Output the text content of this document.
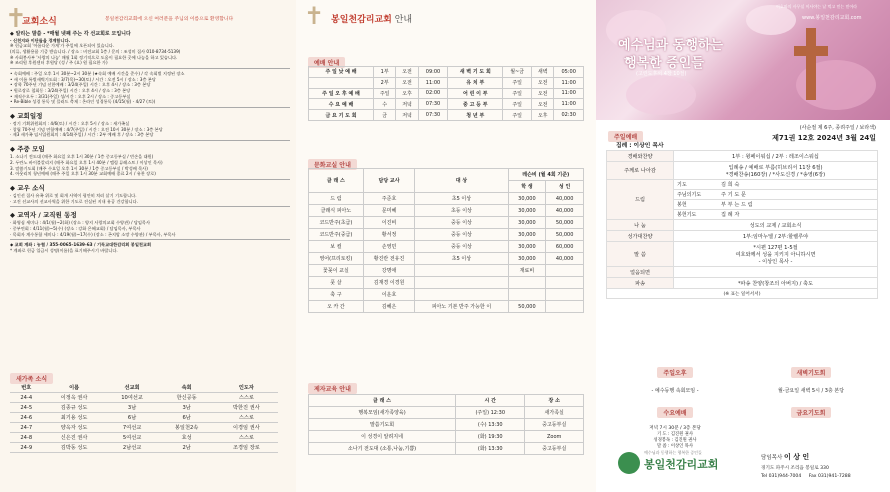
✝
교회소식	봉일천감리교회에 오신 여러분을 주님의 이름으로 환영합니다
◆ 알리는 말씀 - *매월 넷째 주는 각 선교회로 모입니다
· 신천지와 이단들을 경계합니다.
※ 헌금교회 '아름다운 가게'가 주일에 오픈되어 있습니다.
(의류, 생활용품 기증 받습니다. / 장소 : 비전교회 1층 / 문의 : 조성미 집사 010-8734-5139)
※ 사회봉사부 '사랑의 나눔' 매월 1회 정기적으로 도움이 필요한 곳에 나눔을 하고 있습니다.
※ 조리원 후원센터 후원당 (성 / 주 (요) 원 필요한 가)
• 속회예배 : 주일 오후 1시 30분~2시 30분 (★속회 예배 시간을 준수) / 각 속회별 지정된 장소
• 새 이름 특별새벽기도회 : 3/7(목)~30(토) / 시간 : 오전 5시 / 장소 : 3층 본당
• 장학 70주년 기념 선한예배 : 3/24(주일) 시간 : 오후 4시 / 장소 : 3층 본당
• 원로장로 철회동 : 3/24(주일) 시간 : 오후 4시 / 장소 : 3층 본당
• 재직수오두 : 3/31(주일) 성/시간 : 오후 2시 / 장소 : 중고등부실
• Re-Bible 성경 통독 및 플러드 축제 : 온라인 성경통독 (4/15(월) - 4/27 (토))
◆ 교회일정
· 정기 기획위원회의 : 4/6(토) / 시간 : 오후 5시 / 장소 : 새가족실
· 창립 70주년 기념 연합예배 : 4/7(주일) / 시간 : 오전 10시 30분 / 장소 : 3층 본당
· 제3 새가족 임시입원회의 : 4/14(주일) / 시간 : 2부 예배 후 / 장소 : 3층 본당
◆ 주중 모임
1. 소나기 전도대 (매주 화요일 오후 1시 30분 / 1층 중고등부실 / 빈손을 대원)
2. 두란노 바이블칼리지 (매주 화요일 오후 1시 40분 / 엘림 류레스트 / 이상인 목사)
3. 말씀기도회 (매주 수요일 오후 1시 30분 / 1층 중고등부실 / 박성배 목사)
4. 아웃리치 청년예배 (매주 주일 오후 1시 30분 교회예배 종료 2시 / 유찬 장로)
◆ 교우 소식
· 김인선 집사 유족 위로 및 회개 사역이 평안히 치러 살기 기도합니다.
· 고진 선교사의 선교사역을 위한 기도로 진실된 지내 유공 건강합니다.
◆ 교역자 / 교직원 동정
· 화영심 세미나 : 4/1(월)~2(화) (장소 : 양지 사랑의교회 수양관) / 담임목사
· 중부연회 : 4/11(월)~5(수) (장소 : 강화 은혜교회) / 담임목사, 부목사
· 목회자 계수통합 세미나 : 4/19(월)~17(수) (장소 : 곤지암 소망 수양관) / 부목사, 부목사
◆ 교회 계좌 : 농협 / 355-0065-1639-63 / 기독교대한감리회 봉일천교회
* 계좌로 헌금 입금시 성명(이름)을 표기해주시기 바랍니다.
새가족 소식
번호	이름	선교회	속회	인도자
24-4	이정옥 권사	10여선교	한신공동	스스로
24-5	김종규 성도	3남	3남	박한진 권사
24-6	최기용 성도	6남	6남	스스로
24-7	양옥자 성도	7여선교	봉일천2속	이경임 권사
24-8	신은진 권사	5여선교	효성	스스로
24-9	김박동 성도	2남선교	2남	조경임 장로
✝ 봉일천감리교회 안내
예배 안내
주 일 낮 예 배	1부	오전	09:00	새 벽 기 도 회	월~금	새벽	05:00
	2부	오전	11:00	유 치 부	주일	오전	11:00
주 일 오 후 예 배	주일	오후	02:00	어 린 이 부	주일	오전	11:00
수 요 예 배	수	저녁	07:30	중 고 등 부	주일	오전	11:00
금 요 기 도 회	금	저녁	07:30	청 년 부	주일	오후	02:30
문화교실 안내
클 래 스	담당 교사	대 상	레슨비 (월 4회 기준)	
			학 생	성 인
드 럼	주준호	초5 이상	30,000	40,000
클래식 피아노	문미혜	초등 이상	30,000	40,000
코드반주(초급)	이진비	중등 이상	30,000	50,000
코드반주(중급)	황서정	중등 이상	30,000	50,000
보 컬	손영민	중등 이상	30,000	60,000
영어(프리토킹)	황진란 전유진	초5 이상	30,000	40,000
꽃꽂이 교실	강명애		재료비	
풋 살	김재경 이경원			
축 구	이운호			
오 카 간	김혜은	피아노 기본 반주 가능한 이	50,000	
제자교육 안내
클 래 스	시 간	장 소
행복모임(새가족양육)	(주일) 12:30	새가족실
말씀기도회	(수) 13:30	중고등부실
이 성경이 알려지네	(화) 19:30	Zoom
소나기 전도대 (소통,나눔,기쁨)	(화) 13:30	중고등부실
여호와의 사무실 이사야는 날 먹고 믿는 믿어라
www.봉일천감리교회.com
예수님과 동행하는
행복한 증인들
(고린도후서 4장 10절)
주일예배
(사순절 제 6주, 종려주일 / 보라색)
제71권 12호 2024년 3월 24일
집례 : 이상인 목사
경배와찬양	1부 : 윙페이워십 / 2부 : 레조이스워십
주께로 나아감	입례송 / 예배로 부름(히브리서 11장 6절)
*경배찬송(160장) / *사도신경 / *송영(6장)
드림	기도 김 희 숙
	주님의기도 주 기 도 문
	봉헌 부 부 는 드 림
	봉헌기도 집 례 자
나 눔	성도의 교제 / 교회소식
성가대찬양	1부:임마누엘 / 2부:할렐루야
말 씀	*시편 127편 1-5절
여호와께서 성을 지키지 아니하시면
- 이상인 목사 -
얼옴되면	
파송	*파송 찬양(창조의 아버지) / 축도
(※ 표는 일어서서)	
주일오후
- 예수등행 속회모임 -
새벽기도회
월-금요일 새벽 5시 / 3층 본당
수요예배
저녁 7시 30분 / 3층 본당
기 도 : 김진원 권사
성경봉독 : 김진원 권사
말 씀 : 이상인 목사
금요기도회
예수님과 동행하는 행복한 증인들
봉일천감리교회	담임목사 이 상 인
경기도 파주시 조리읍 봉일로 330
Tel 031)944-7004 Fax 031)941-7288
